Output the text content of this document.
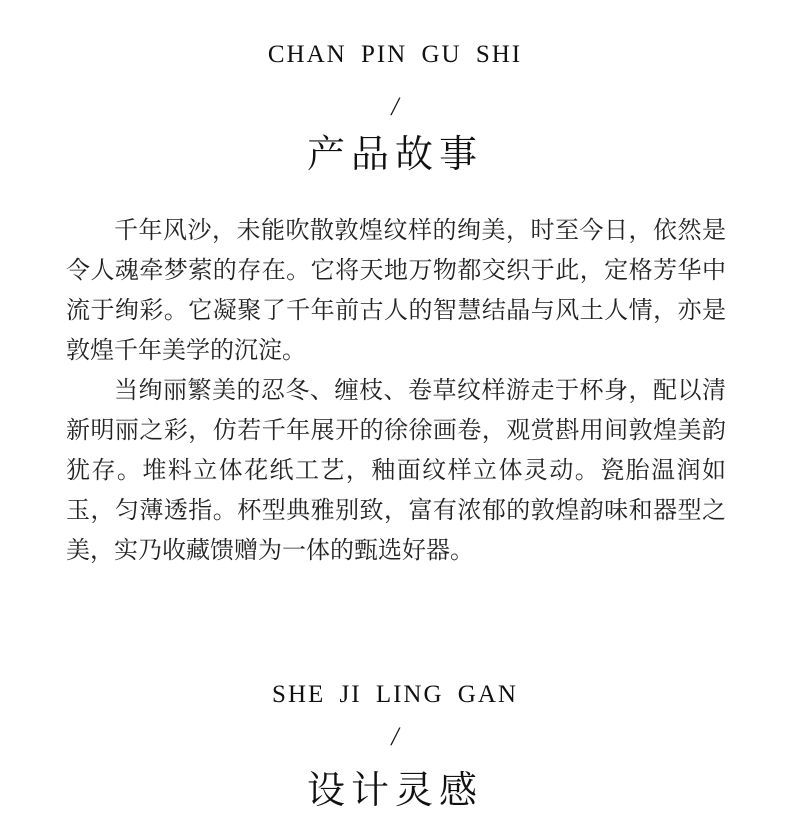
CHAN PIN GU SHI
/
产品故事

千年风沙，未能吹散敦煌纹样的绚美，时至今日，依然是令人魂牵梦萦的存在。它将天地万物都交织于此，定格芳华中流于绚彩。它凝聚了千年前古人的智慧结晶与风土人情，亦是敦煌千年美学的沉淀。

当绚丽繁美的忍冬、缠枝、卷草纹样游走于杯身，配以清新明丽之彩，仿若千年展开的徐徐画卷，观赏斟用间敦煌美韵犹存。堆料立体花纸工艺，釉面纹样立体灵动。瓷胎温润如玉，匀薄透指。杯型典雅别致，富有浓郁的敦煌韵味和器型之美，实乃收藏馈赠为一体的甄选好器。

SHE JI LING GAN
/
设计灵感
